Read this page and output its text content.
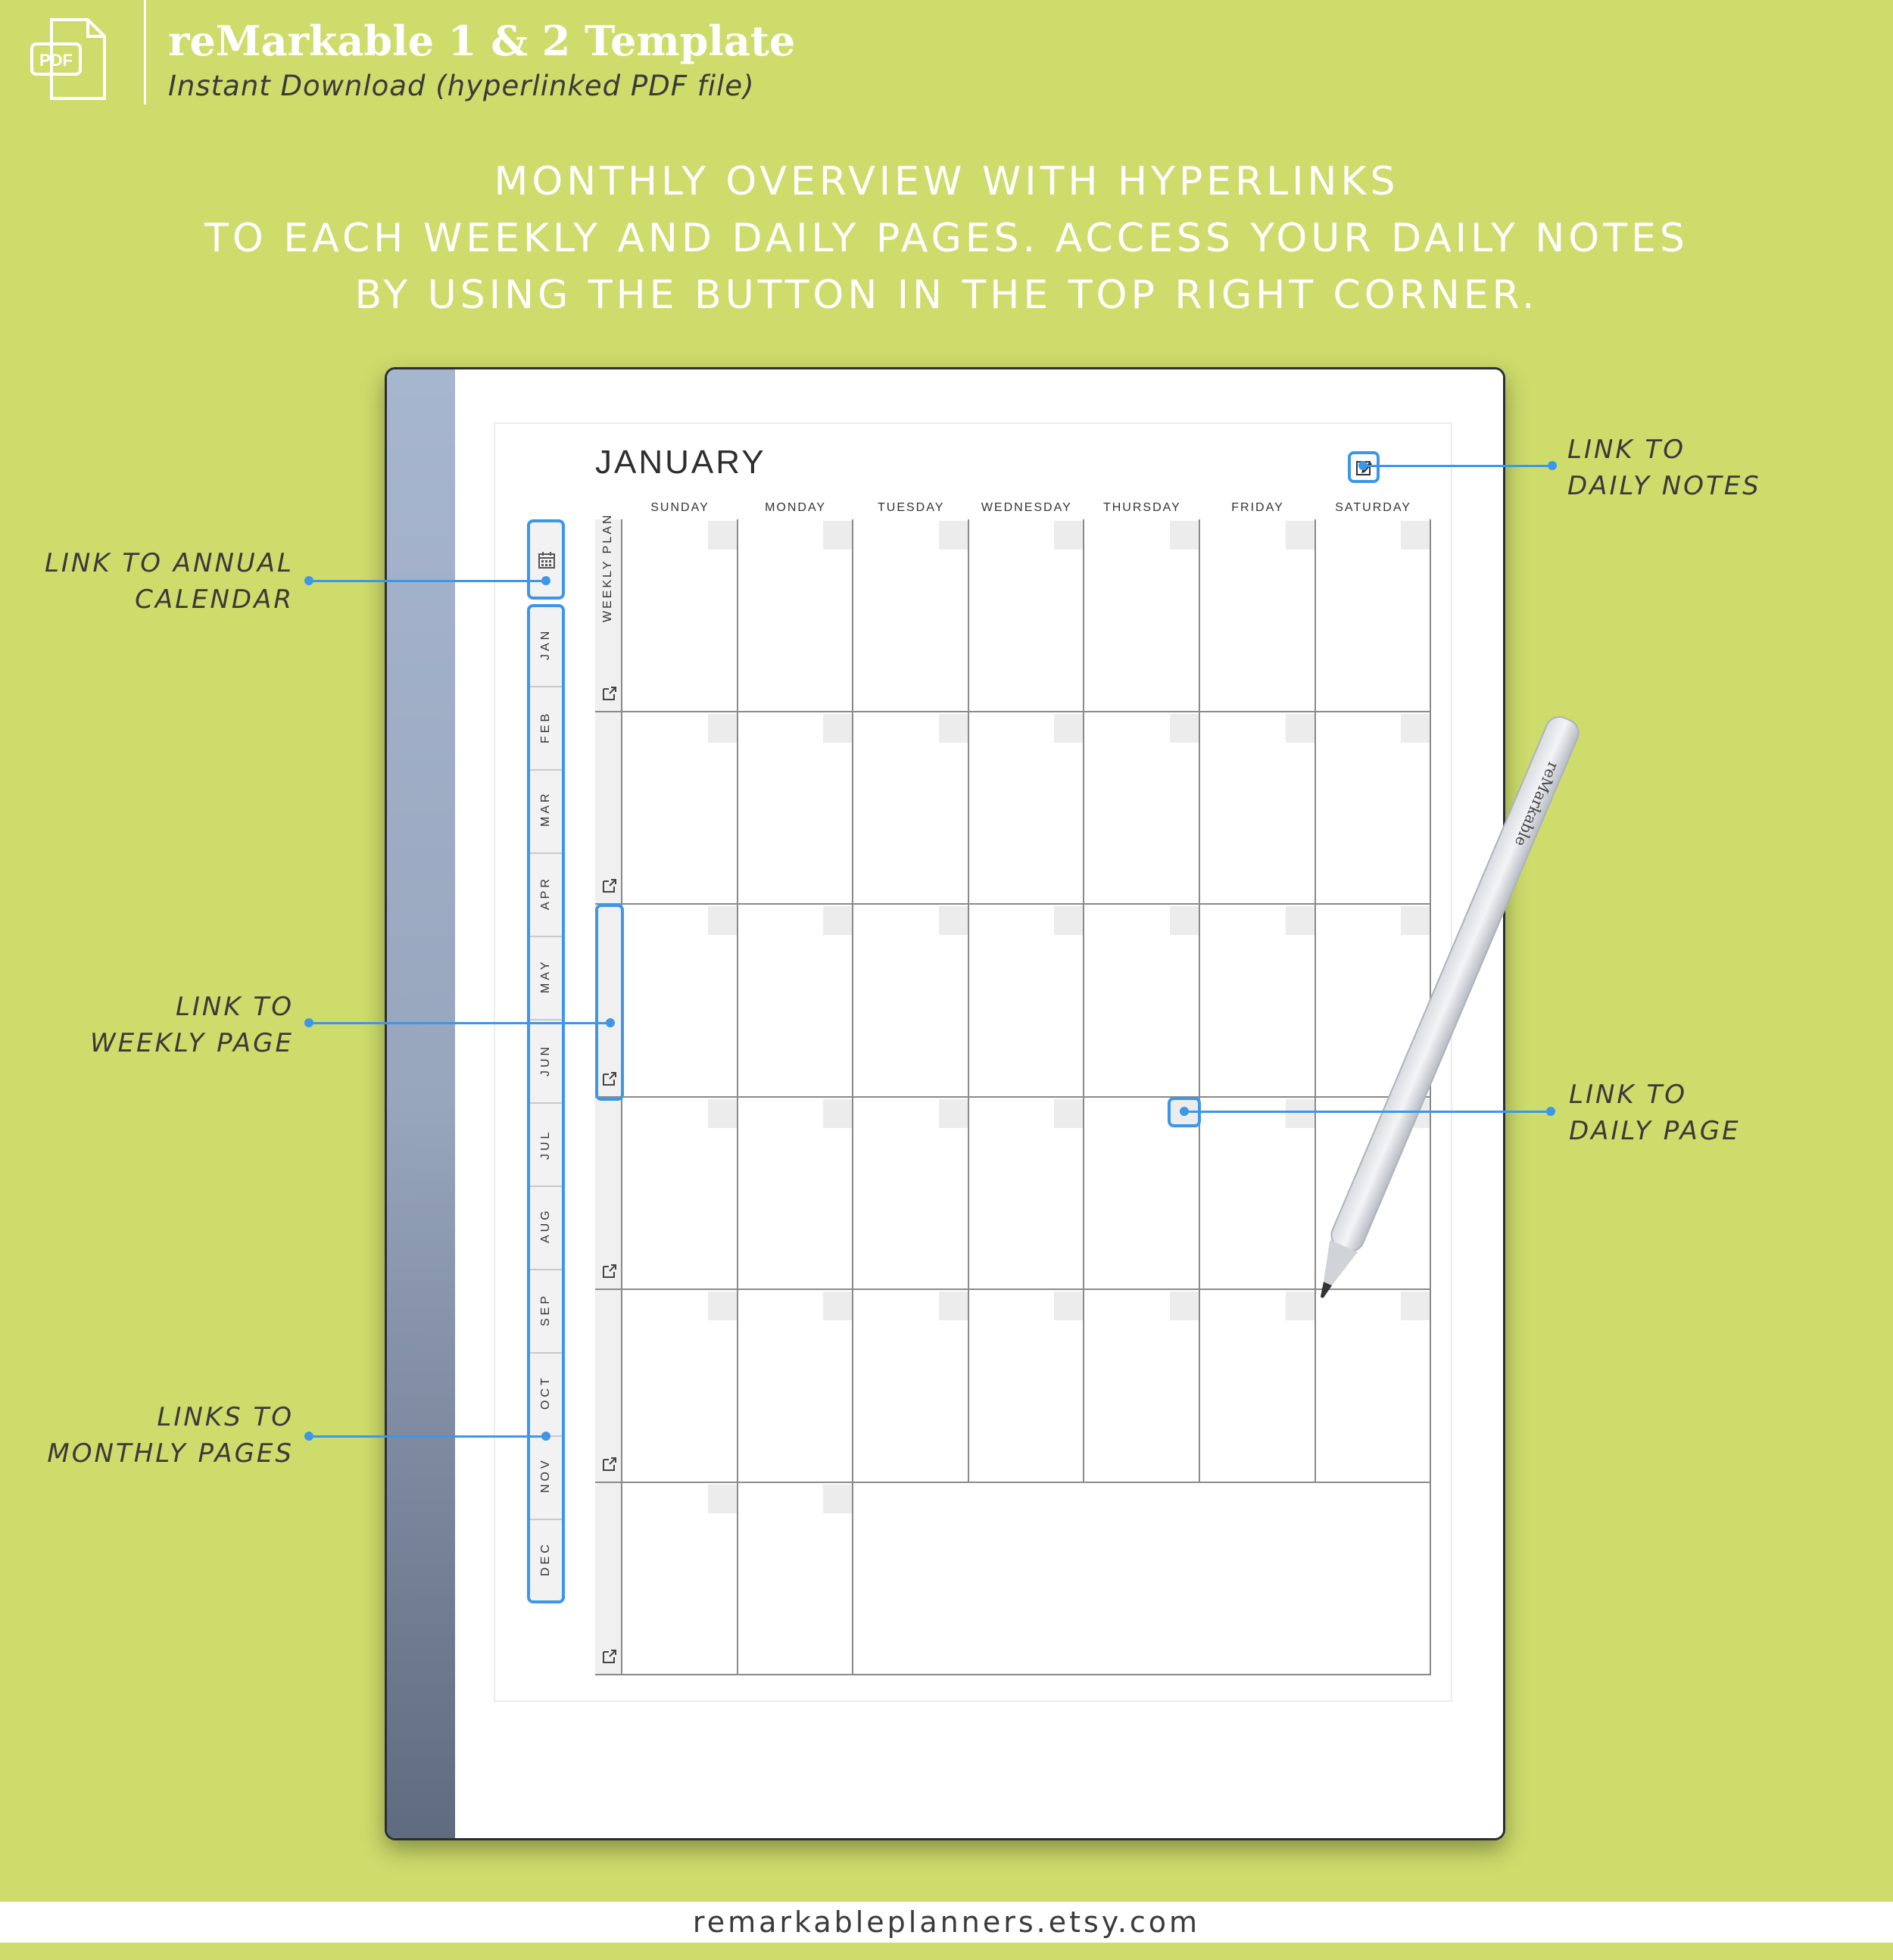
PDF reMarkable 1 & 2 Template
Instant Download (hyperlinked PDF file)
MONTHLY OVERVIEW WITH HYPERLINKS
TO EACH WEEKLY AND DAILY PAGES. ACCESS YOUR DAILY NOTES
BY USING THE BUTTON IN THE TOP RIGHT CORNER.
JANUARY
SUNDAY	MONDAY	TUESDAY	WEDNESDAY	THURSDAY	FRIDAY	SATURDAY
WEEKLY PLAN
JAN
FEB
MAR
APR
MAY
JUN
JUL
AUG
SEP
OCT
NOV
DEC
reMarkable
LINK TO ANNUAL
CALENDAR
LINK TO
WEEKLY PAGE
LINKS TO
MONTHLY PAGES
LINK TO
DAILY NOTES
LINK TO
DAILY PAGE
remarkableplanners.etsy.com
